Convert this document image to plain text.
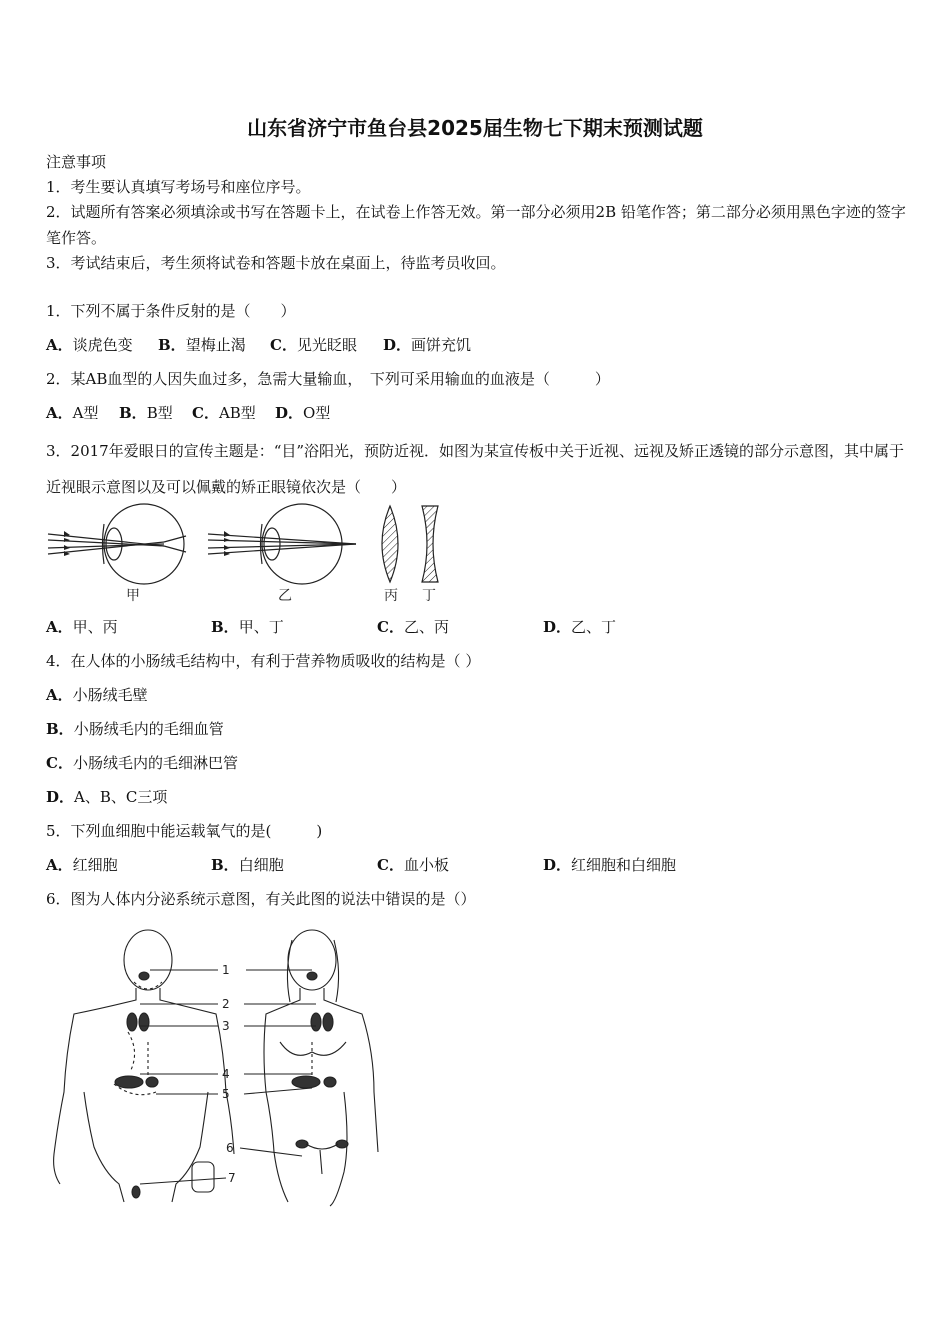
山东省济宁市鱼台县2025届生物七下期末预测试题
注意事项
1．考生要认真填写考场号和座位序号。
2．试题所有答案必须填涂或书写在答题卡上，在试卷上作答无效。第一部分必须用2B 铅笔作答；第二部分必须用黑色字迹的签字笔作答。
3．考试结束后，考生须将试卷和答题卡放在桌面上，待监考员收回。
1．下列不属于条件反射的是（　　）
A．谈虎色变 B．望梅止渴 C．见光眨眼 D．画饼充饥
2．某AB血型的人因失血过多，急需大量输血，　下列可采用输血的血液是（　　　）
A．A型 B．B型 C．AB型 D．O型
3．2017年爱眼日的宣传主题是：“目”浴阳光，预防近视．如图为某宣传板中关于近视、远视及矫正透镜的部分示意图，其中属于近视眼示意图以及可以佩戴的矫正眼镜依次是（　　）
甲	乙	丙 丁
A．甲、丙	B．甲、丁	C．乙、丙	D．乙、丁
4．在人体的小肠绒毛结构中，有利于营养物质吸收的结构是（ ）
A．小肠绒毛壁
B．小肠绒毛内的毛细血管
C．小肠绒毛内的毛细淋巴管
D．A、B、C三项
5．下列血细胞中能运载氧气的是(　　　)
A．红细胞	B．白细胞	C．血小板	D．红细胞和白细胞
6．图为人体内分泌系统示意图，有关此图的说法中错误的是（）
1
2
3
4
5
6
7
